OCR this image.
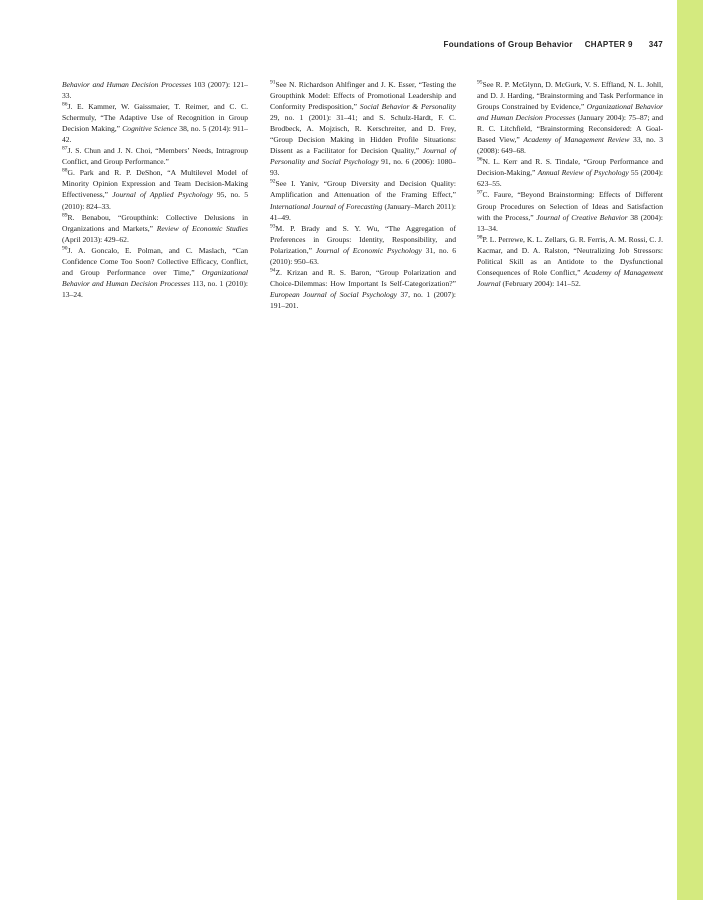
Foundations of Group Behavior CHAPTER 9 347

Behavior and Human Decision Processes 103 (2007): 121–33.

$^{86}$J. E. Kammer, W. Gaissmaier, T. Reimer, and C. C. Schermuly, “The Adaptive Use of Recognition in Group Decision Making,” Cognitive Science 38, no. 5 (2014): 911–42.

$^{87}$J. S. Chun and J. N. Choi, “Members’ Needs, Intragroup Conflict, and Group Performance.”

$^{88}$G. Park and R. P. DeShon, “A Multilevel Model of Minority Opinion Expression and Team Decision-Making Effectiveness,” Journal of Applied Psychology 95, no. 5 (2010): 824–33.

$^{89}$R. Benabou, “Groupthink: Collective Delusions in Organizations and Markets,” Review of Economic Studies (April 2013): 429–62.

$^{90}$J. A. Goncalo, E. Polman, and C. Maslach, “Can Confidence Come Too Soon? Collective Efficacy, Conflict, and Group Performance over Time,” Organizational Behavior and Human Decision Processes 113, no. 1 (2010): 13–24.

$^{91}$See N. Richardson Ahlfinger and J. K. Esser, “Testing the Groupthink Model: Effects of Promotional Leadership and Conformity Predisposition,” Social Behavior & Personality 29, no. 1 (2001): 31–41; and S. Schulz-Hardt, F. C. Brodbeck, A. Mojzisch, R. Kerschreiter, and D. Frey, “Group Decision Making in Hidden Profile Situations: Dissent as a Facilitator for Decision Quality,” Journal of Personality and Social Psychology 91, no. 6 (2006): 1080–93.

$^{92}$See I. Yaniv, “Group Diversity and Decision Quality: Amplification and Attenuation of the Framing Effect,” International Journal of Forecasting (January–March 2011): 41–49.

$^{93}$M. P. Brady and S. Y. Wu, “The Aggregation of Preferences in Groups: Identity, Responsibility, and Polarization,” Journal of Economic Psychology 31, no. 6 (2010): 950–63.

$^{94}$Z. Krizan and R. S. Baron, “Group Polarization and Choice-Dilemmas: How Important Is Self-Categorization?” European Journal of Social Psychology 37, no. 1 (2007): 191–201.

$^{95}$See R. P. McGlynn, D. McGurk, V. S. Effland, N. L. Johll, and D. J. Harding, “Brainstorming and Task Performance in Groups Constrained by Evidence,” Organizational Behavior and Human Decision Processes (January 2004): 75–87; and R. C. Litchfield, “Brainstorming Reconsidered: A Goal-Based View,” Academy of Management Review 33, no. 3 (2008): 649–68.

$^{96}$N. L. Kerr and R. S. Tindale, “Group Performance and Decision-Making,” Annual Review of Psychology 55 (2004): 623–55.

$^{97}$C. Faure, “Beyond Brainstorming: Effects of Different Group Procedures on Selection of Ideas and Satisfaction with the Process,” Journal of Creative Behavior 38 (2004): 13–34.

$^{98}$P. L. Perrewe, K. L. Zellars, G. R. Ferris, A. M. Rossi, C. J. Kacmar, and D. A. Ralston, “Neutralizing Job Stressors: Political Skill as an Antidote to the Dysfunctional Consequences of Role Conflict,” Academy of Management Journal (February 2004): 141–52.
